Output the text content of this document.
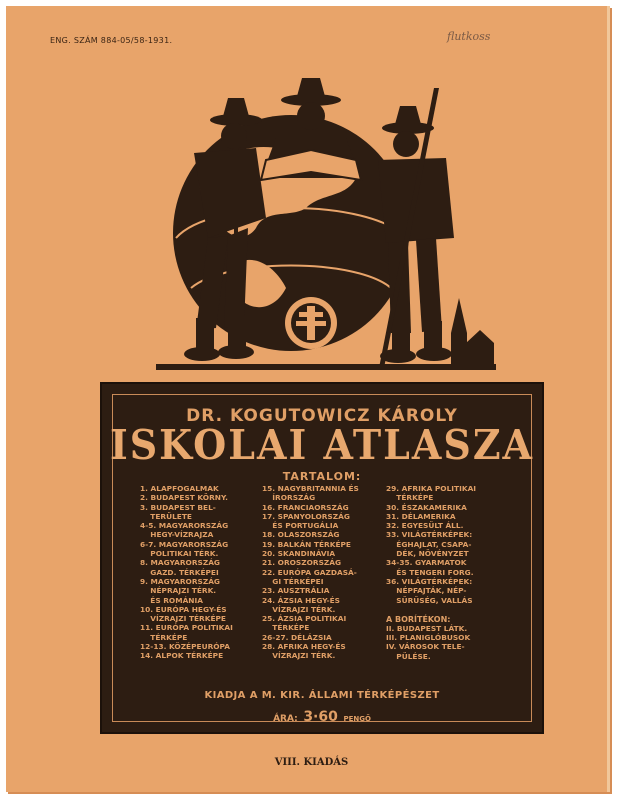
ENG. SZÁM 884-05/58-1931.	flutkoss
DR. KOGUTOWICZ KÁROLY
ISKOLAI ATLASZA
TARTALOM:
1. ALAPFOGALMAK
2. BUDAPEST KÖRNY.
3. BUDAPEST BEL-
TERÜLETE
4-5. MAGYARORSZÁG
HEGY-VÍZRAJZA
6-7. MAGYARORSZÁG
POLITIKAI TÉRK.
8. MAGYARORSZÁG
GAZD. TÉRKÉPEI
9. MAGYARORSZÁG
NÉPRAJZI TÉRK.
ÉS ROMÁNIA
10. EURÓPA HEGY-ÉS
VÍZRAJZI TÉRKÉPE
11. EURÓPA POLITIKAI
TÉRKÉPE
12-13. KÖZÉPEURÓPA
14. ALPOK TÉRKÉPE
15. NAGYBRITANNIA ÉS
ÍRORSZÁG
16. FRANCIAORSZÁG
17. SPANYOLORSZÁG
ÉS PORTUGÁLIA
18. OLASZORSZÁG
19. BALKÁN TÉRKÉPE
20. SKANDINÁVIA
21. OROSZORSZÁG
22. EURÓPA GAZDASÁ-
GI TÉRKÉPEI
23. AUSZTRÁLIA
24. ÁZSIA HEGY-ÉS
VÍZRAJZI TÉRK.
25. ÁZSIA POLITIKAI
TÉRKÉPE
26-27. DÉLÁZSIA
28. AFRIKA HEGY-ÉS
VÍZRAJZI TÉRK.
29. AFRIKA POLITIKAI
TÉRKÉPE
30. ÉSZAKAMERIKA
31. DÉLAMERIKA
32. EGYESÜLT ÁLL.
33. VILÁGTÉRKÉPEK:
ÉGHAJLAT, CSAPA-
DÉK, NÖVÉNYZET
34-35. GYARMATOK
ÉS TENGERI FORG.
36. VILÁGTÉRKÉPEK:
NÉPFAJTÁK, NÉP-
SŰRŰSÉG, VALLÁS
A BORÍTÉKON:
II. BUDAPEST LÁTK.
III. PLANIGLÓBUSOK
IV. VÁROSOK TELE-
PÜLÉSE.
KIADJA A M. KIR. ÁLLAMI TÉRKÉPÉSZET
ÁRA: 3·60 PENGŐ
VIII. KIADÁS
